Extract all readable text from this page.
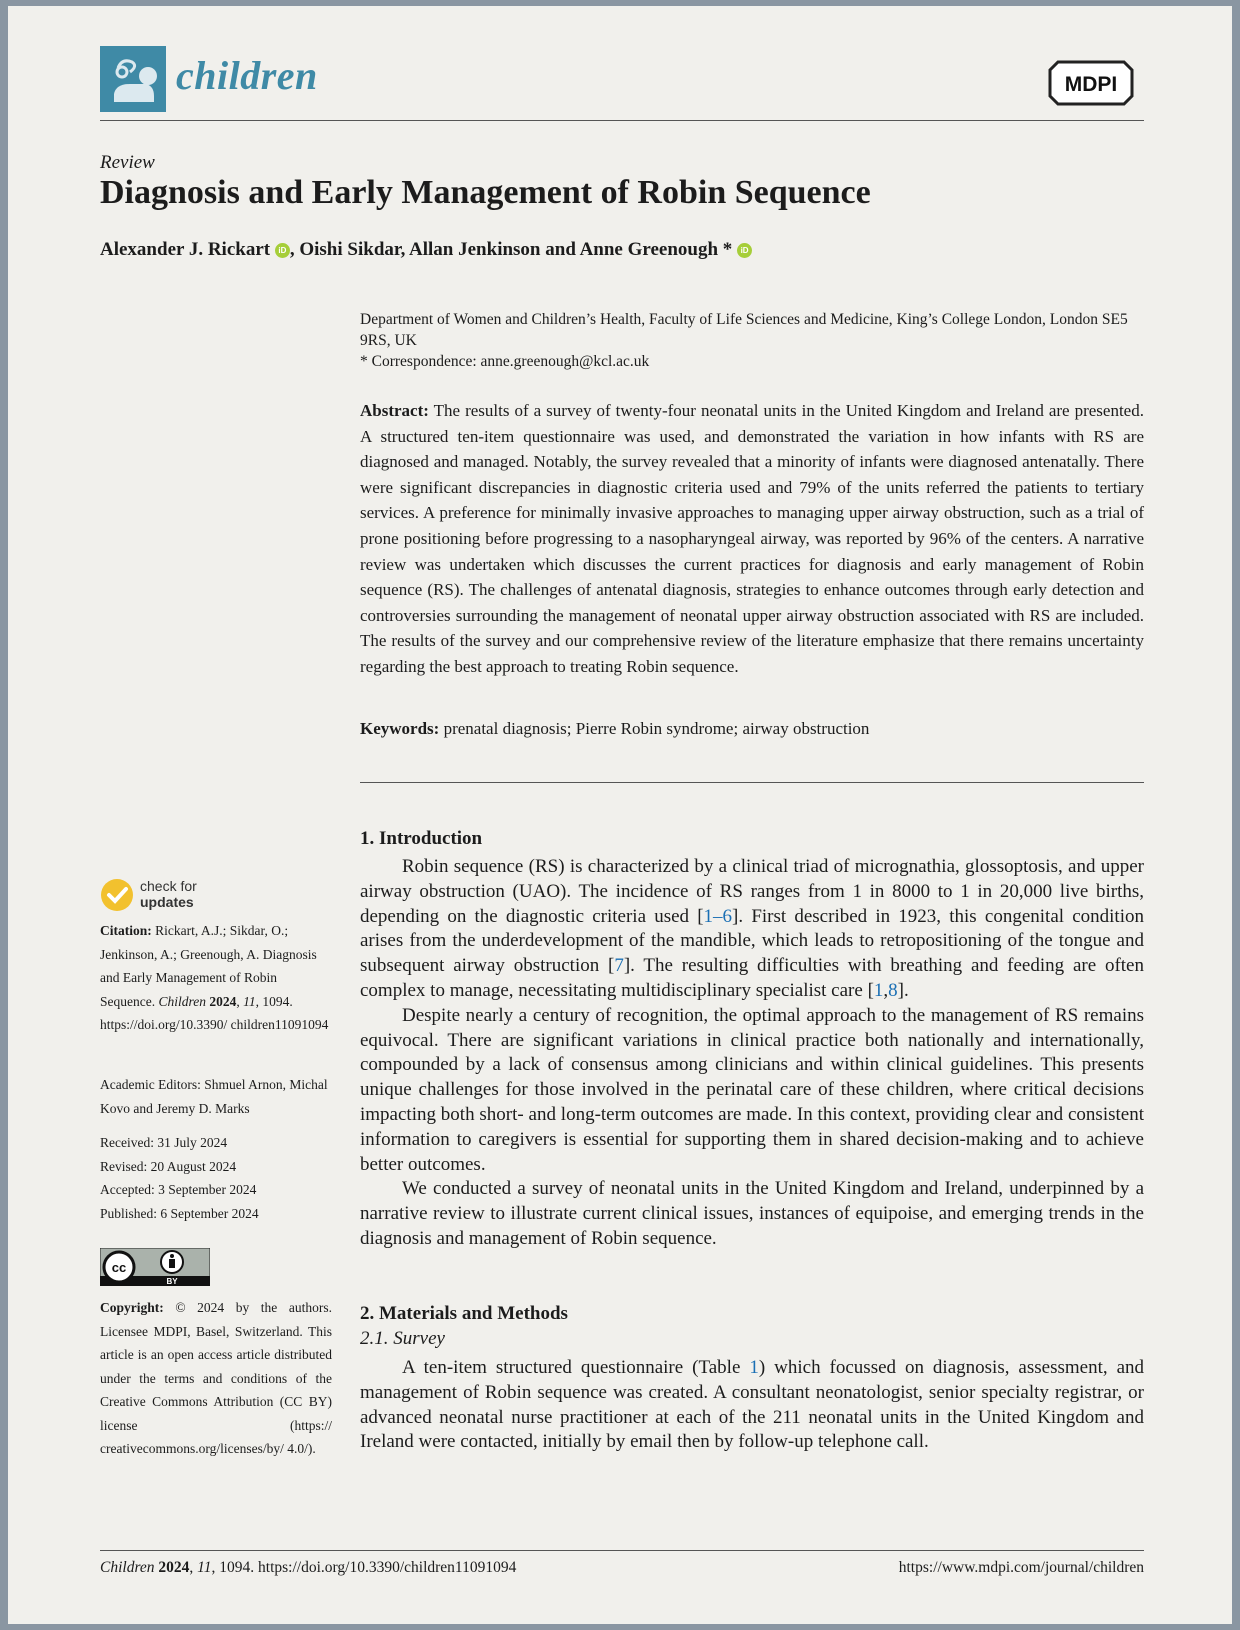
children	MDPI
Review
Diagnosis and Early Management of Robin Sequence
Alexander J. Rickart iD , Oishi Sikdar, Allan Jenkinson and Anne Greenough * iD
Department of Women and Children’s Health, Faculty of Life Sciences and Medicine, King’s College London, London SE5 9RS, UK
* Correspondence: anne.greenough@kcl.ac.uk
Abstract: The results of a survey of twenty-four neonatal units in the United Kingdom and Ireland are presented. A structured ten-item questionnaire was used, and demonstrated the variation in how infants with RS are diagnosed and managed. Notably, the survey revealed that a minority of infants were diagnosed antenatally. There were significant discrepancies in diagnostic criteria used and 79% of the units referred the patients to tertiary services. A preference for minimally invasive approaches to managing upper airway obstruction, such as a trial of prone positioning before progressing to a nasopharyngeal airway, was reported by 96% of the centers. A narrative review was undertaken which discusses the current practices for diagnosis and early management of Robin sequence (RS). The challenges of antenatal diagnosis, strategies to enhance outcomes through early detection and controversies surrounding the management of neonatal upper airway obstruction associated with RS are included. The results of the survey and our comprehensive review of the literature emphasize that there remains uncertainty regarding the best approach to treating Robin sequence.
Keywords: prenatal diagnosis; Pierre Robin syndrome; airway obstruction
1. Introduction

Robin sequence (RS) is characterized by a clinical triad of micrognathia, glossoptosis, and upper airway obstruction (UAO). The incidence of RS ranges from 1 in 8000 to 1 in 20,000 live births, depending on the diagnostic criteria used [1–6]. First described in 1923, this congenital condition arises from the underdevelopment of the mandible, which leads to retropositioning of the tongue and subsequent airway obstruction [7]. The resulting difficulties with breathing and feeding are often complex to manage, necessitating multidisciplinary specialist care [1,8].

Despite nearly a century of recognition, the optimal approach to the management of RS remains equivocal. There are significant variations in clinical practice both nationally and internationally, compounded by a lack of consensus among clinicians and within clinical guidelines. This presents unique challenges for those involved in the perinatal care of these children, where critical decisions impacting both short- and long-term outcomes are made. In this context, providing clear and consistent information to caregivers is essential for supporting them in shared decision-making and to achieve better outcomes.

We conducted a survey of neonatal units in the United Kingdom and Ireland, underpinned by a narrative review to illustrate current clinical issues, instances of equipoise, and emerging trends in the diagnosis and management of Robin sequence.

2. Materials and Methods
2.1. Survey

A ten-item structured questionnaire (Table 1) which focussed on diagnosis, assessment, and management of Robin sequence was created. A consultant neonatologist, senior specialty registrar, or advanced neonatal nurse practitioner at each of the 211 neonatal units in the United Kingdom and Ireland were contacted, initially by email then by follow-up telephone call.

check for
updates
Citation: Rickart, A.J.; Sikdar, O.; Jenkinson, A.; Greenough, A. Diagnosis and Early Management of Robin Sequence. Children 2024, 11, 1094. https://doi.org/10.3390/ children11091094
Academic Editors: Shmuel Arnon, Michal Kovo and Jeremy D. Marks
Received: 31 July 2024
Revised: 20 August 2024
Accepted: 3 September 2024
Published: 6 September 2024
cc
BY
Copyright: © 2024 by the authors. Licensee MDPI, Basel, Switzerland. This article is an open access article distributed under the terms and conditions of the Creative Commons Attribution (CC BY) license (https:// creativecommons.org/licenses/by/ 4.0/).
Children 2024, 11, 1094. https://doi.org/10.3390/children11091094	https://www.mdpi.com/journal/children
